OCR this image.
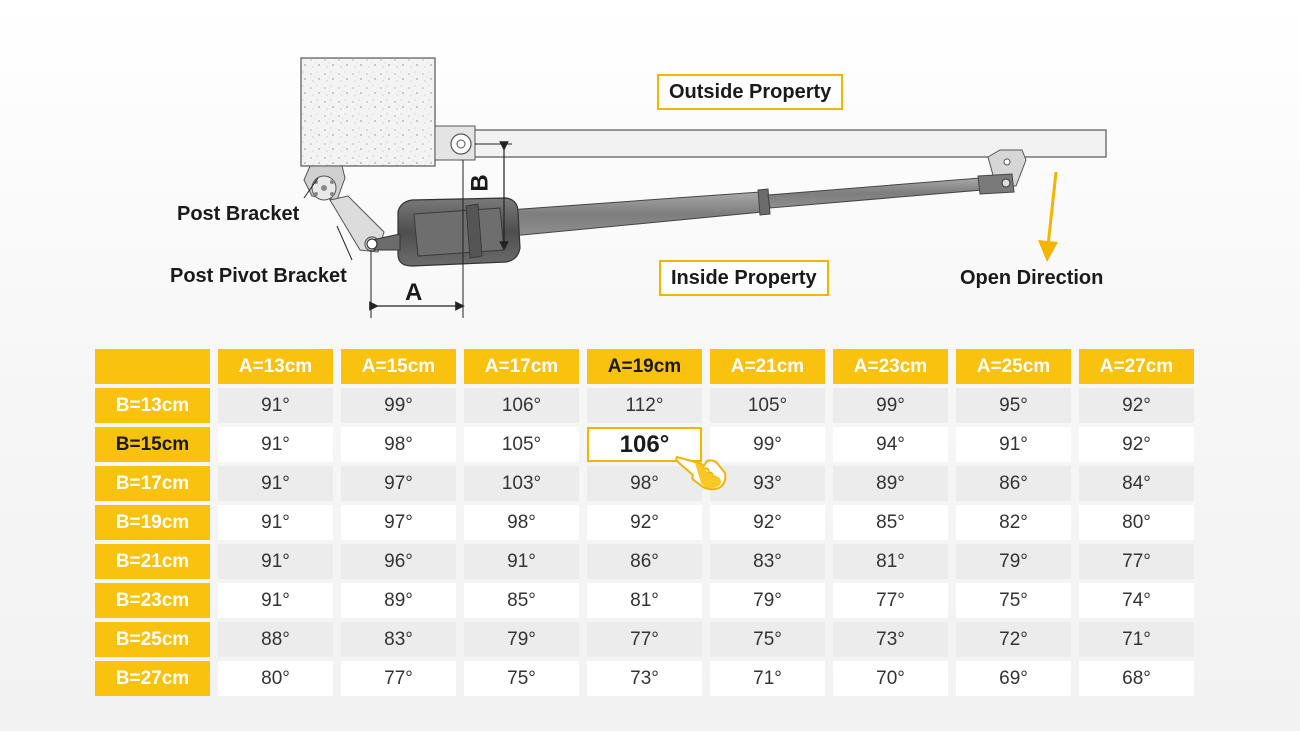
Outside Property
Inside Property
Post Bracket
Post Pivot Bracket	Open Direction
A
B
	A=13cm	A=15cm	A=17cm	A=19cm	A=21cm	A=23cm	A=25cm	A=27cm
B=13cm	91°	99°	106°	112°	105°	99°	95°	92°
B=15cm	91°	98°	105°	106°	99°	94°	91°	92°
B=17cm	91°	97°	103°	98°	93°	89°	86°	84°
B=19cm	91°	97°	98°	92°	92°	85°	82°	80°
B=21cm	91°	96°	91°	86°	83°	81°	79°	77°
B=23cm	91°	89°	85°	81°	79°	77°	75°	74°
B=25cm	88°	83°	79°	77°	75°	73°	72°	71°
B=27cm	80°	77°	75°	73°	71°	70°	69°	68°
